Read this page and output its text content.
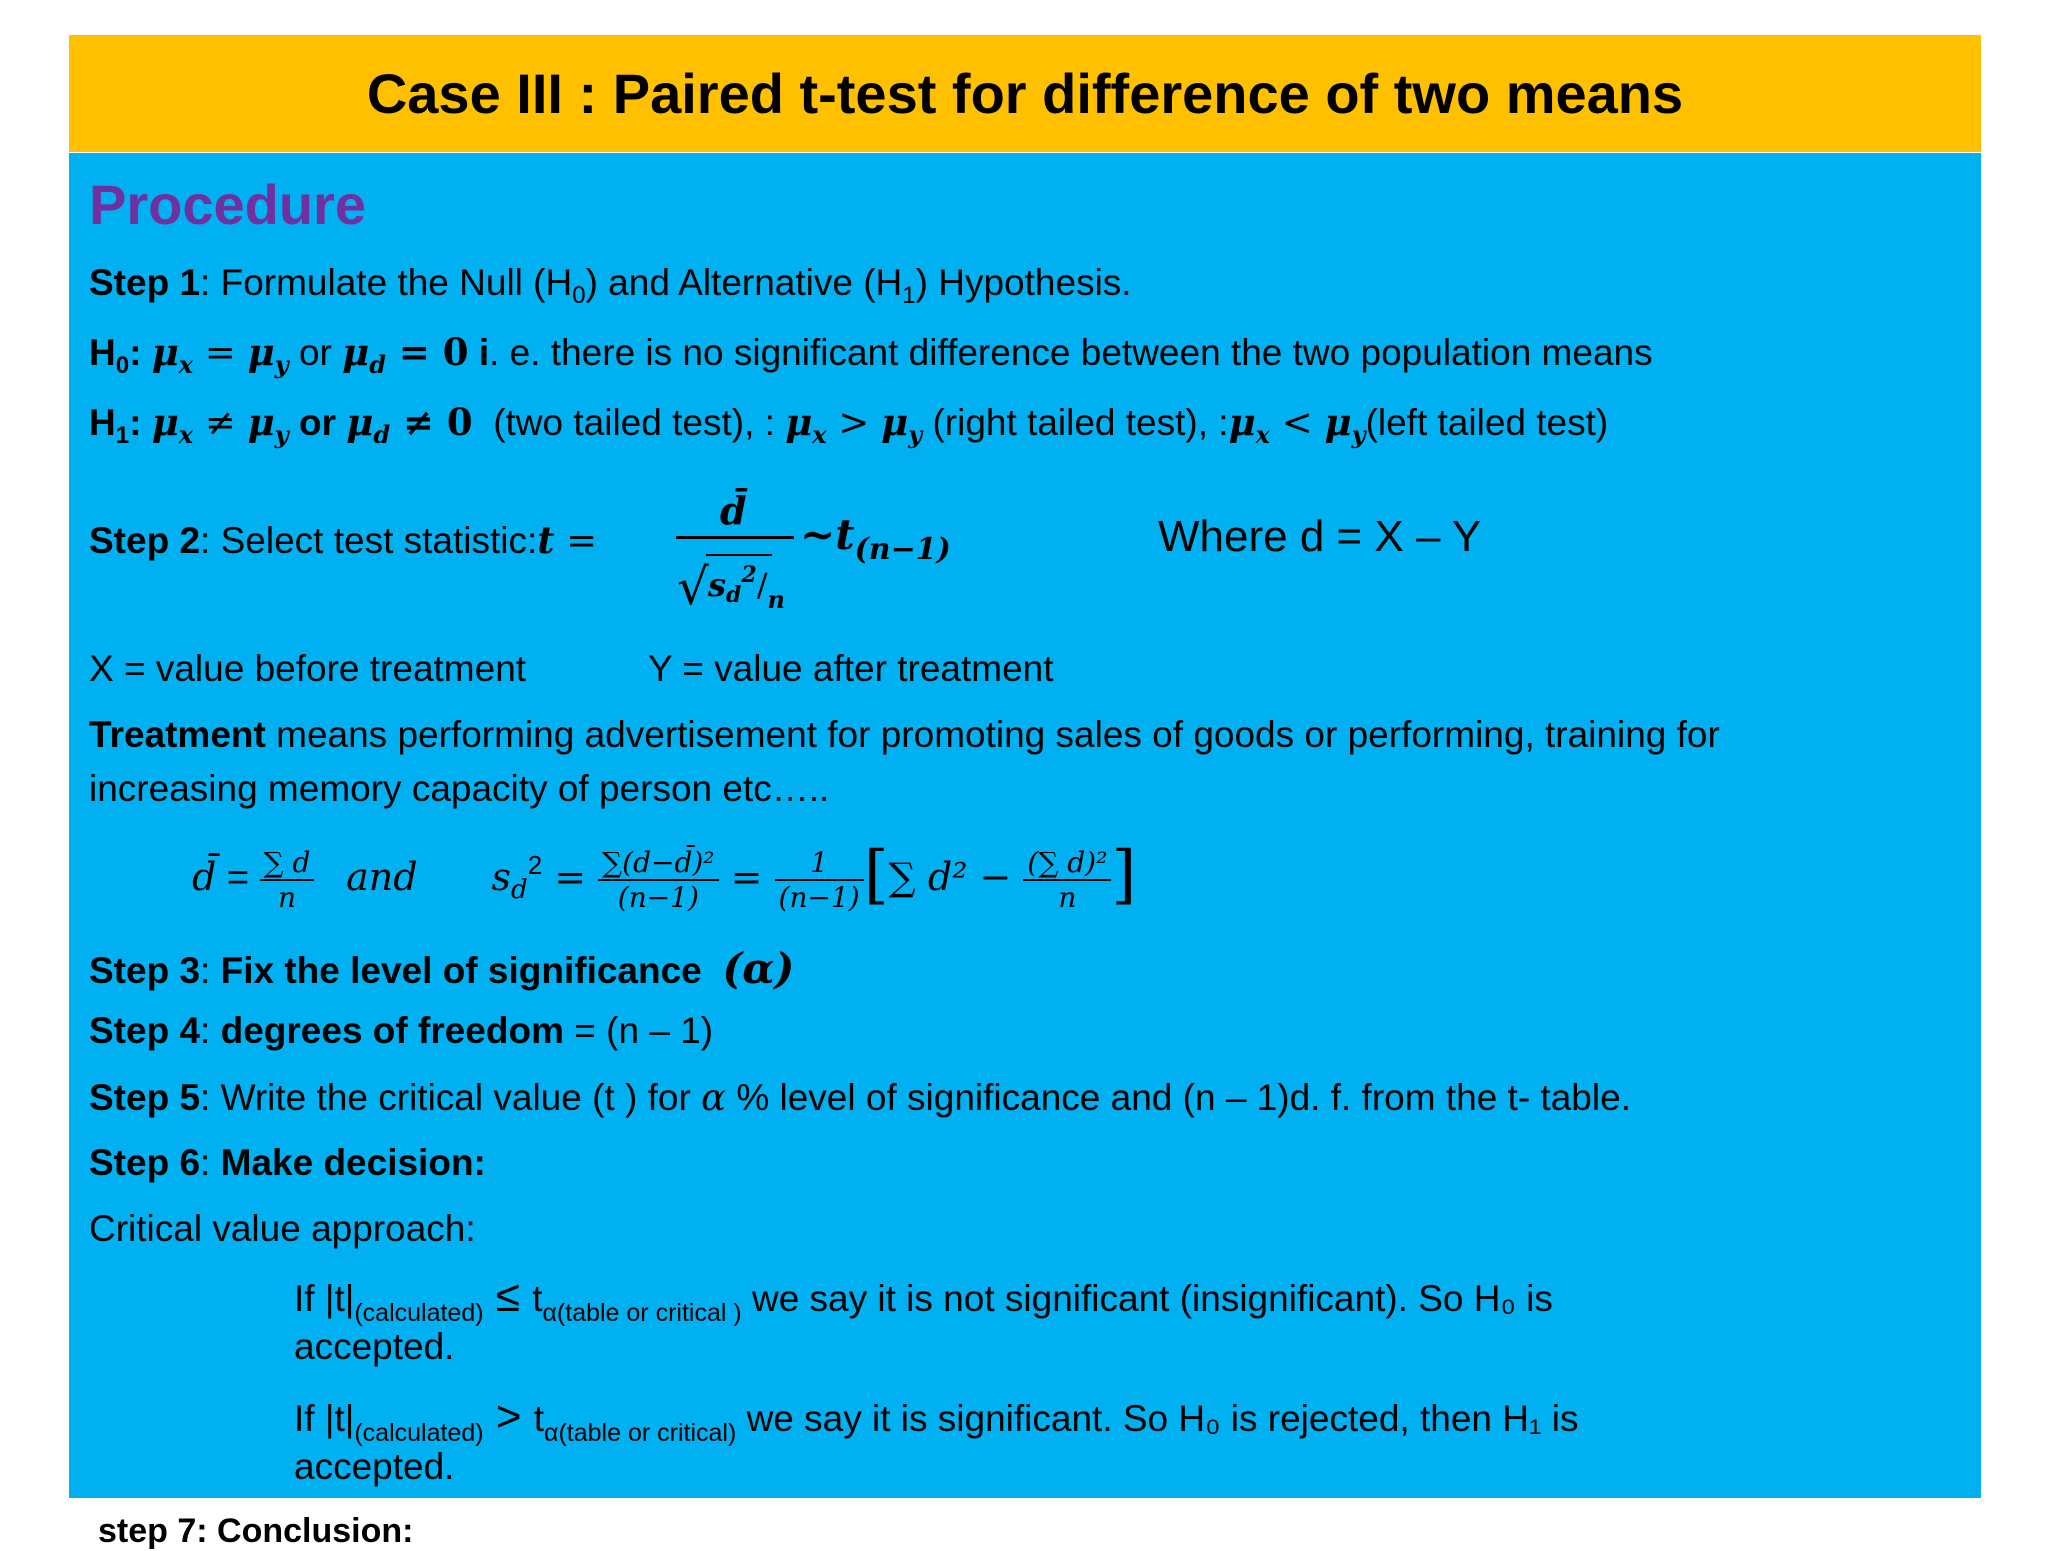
Case III : Paired t-test for difference of two means
Procedure
Step 1: Formulate the Null $(H_0)$ and Alternative $(H_1)$ Hypothesis.
$H_0$: $\mu_x = \mu_y$ or $\mu_d = 0$ i. e. there is no significant difference between the two population means
$H_1$: $\mu_x \ne \mu_y$ or $\mu_d \ne 0$ (two tailed test), : $\mu_x > \mu_y$ (right tailed test), $:\mu_x$ < $\mu_y(left$ tailed test)
Step 2: Select test statistic:t =
d̄
√ $sd^2/_n$
$\sim t_{(n-1)}$	Where d = X – Y
X = value before treatment	Y = value after treatment
Treatment means performing advertisement for promoting sales of goods or performing, training for
increasing memory capacity of person etc…..
d̄ = $\frac{\sum d}{n}$ and $s_d^2 = \frac{\text{∑(d−d̄)²}}{(n-1)} = \frac{1}{(n-1)}$ [∑ $d^2 - \frac{\text{(∑ d)²}}{n}$ ]
Step 3: Fix the level of significance (α)
Step 4: degrees of freedom = (n – 1)
Step 5: Write the critical value (t ) for α % level of significance and (n – 1)d. f. from the t- table.
Step 6: Make decision:
Critical value approach:
If $|t|_{(calculated)} \le t_{\alpha(table or critical )}$ we say it is not significant (insignificant). So H₀ is
accepted.
If $|t|_{(calculated)} > t_{\alpha(table or critical)}$ we say it is significant. So H₀ is rejected, then H₁ is
accepted.
step 7: Conclusion:
